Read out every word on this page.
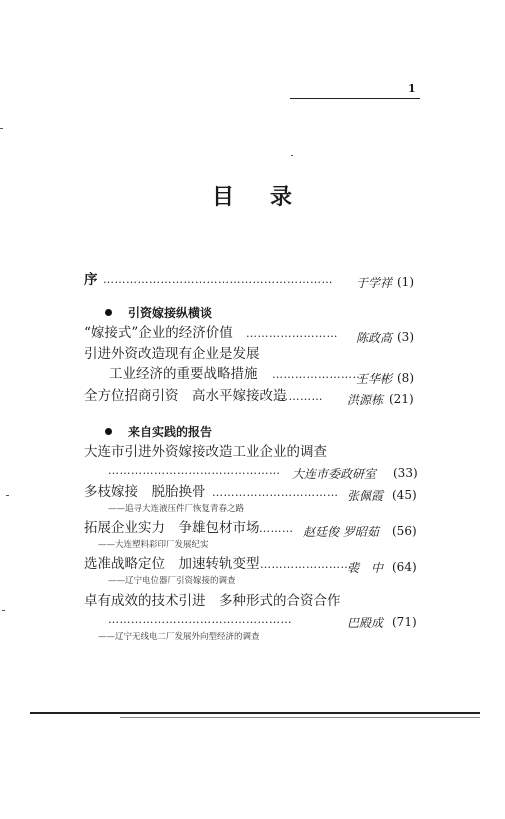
1
目 录
序 …………………………………………………… 于学祥 (1)
引资嫁接纵横谈
“嫁接式”企业的经济价值 …………………… 陈政高 (3)
引进外资改造现有企业是发展
工业经济的重要战略措施 ……………………
王华彬 (8)
全方位招商引资　高水平嫁接改造
………… 洪源栋 (21)
来自实践的报告
大连市引进外资嫁接改造工业企业的调查
……………………………………… 大连市委政研室 (33)
多枝嫁接　脱胎换骨 …………………………… 张佩霞 (45)
——追寻大连液压件厂恢复青春之路
拓展企业实力　争雄包材市场 ……… 赵廷俊 罗昭茹 (56)
——大连塑料彩印厂发展纪实
选准战略定位　加速转轨变型 ……………………
裴　中 (64)
——辽宁电位器厂引资嫁接的调查
卓有成效的技术引进　多种形式的合资合作
…………………………………………	巴殿成 (71)
——辽宁无线电二厂发展外向型经济的调查
